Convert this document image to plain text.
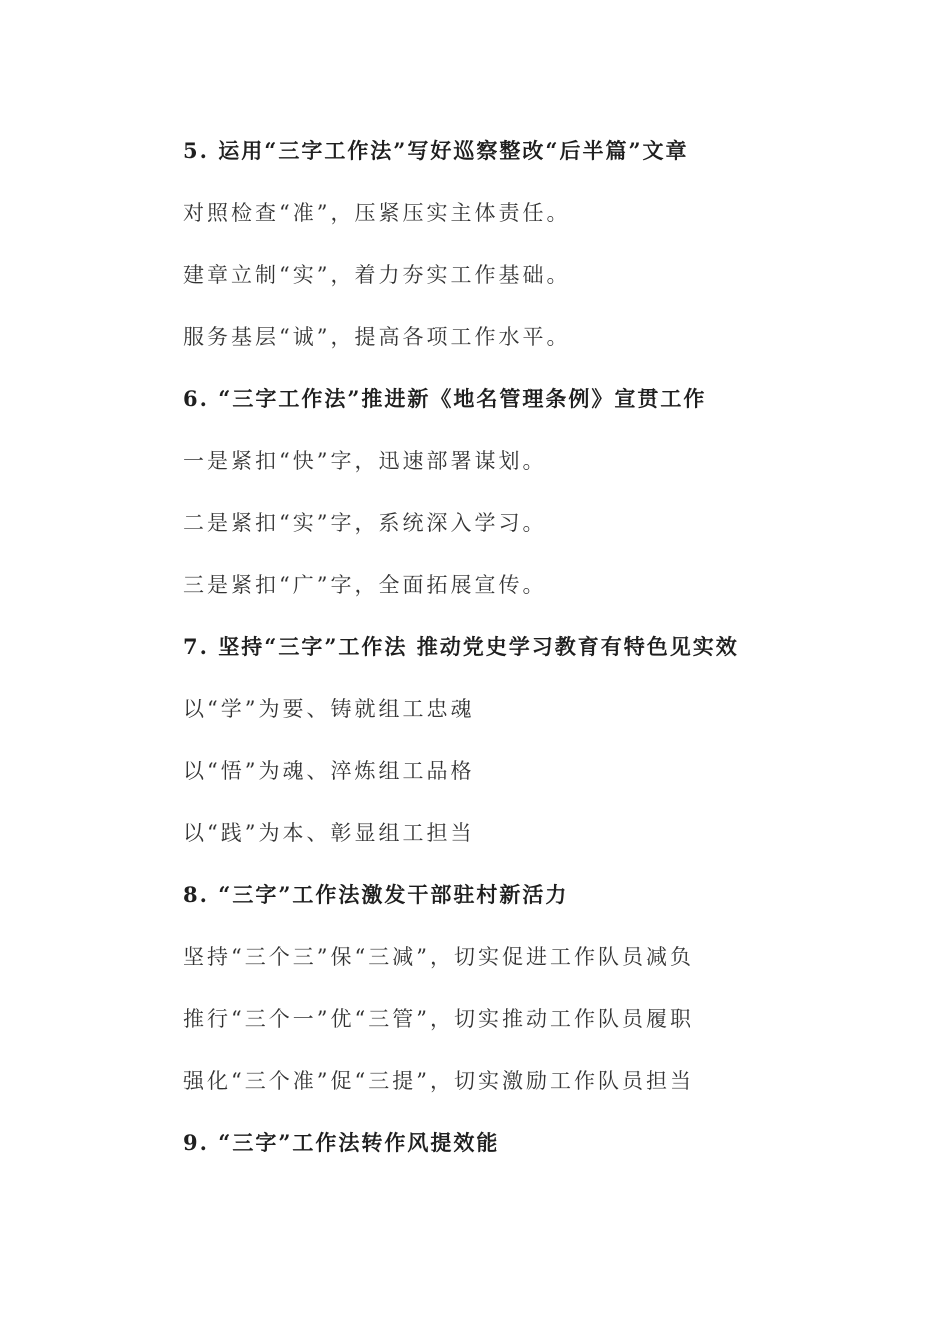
5. 运用“三字工作法”写好巡察整改“后半篇”文章
对照检查“准”，压紧压实主体责任。
建章立制“实”，着力夯实工作基础。
服务基层“诚”，提高各项工作水平。
6. “三字工作法”推进新《地名管理条例》宣贯工作
一是紧扣“快”字，迅速部署谋划。
二是紧扣“实”字，系统深入学习。
三是紧扣“广”字，全面拓展宣传。
7. 坚持“三字”工作法 推动党史学习教育有特色见实效
以“学”为要、铸就组工忠魂
以“悟”为魂、淬炼组工品格
以“践”为本、彰显组工担当
8. “三字”工作法激发干部驻村新活力
坚持“三个三”保“三减”，切实促进工作队员减负
推行“三个一”优“三管”，切实推动工作队员履职
强化“三个准”促“三提”，切实激励工作队员担当
9. “三字”工作法转作风提效能
